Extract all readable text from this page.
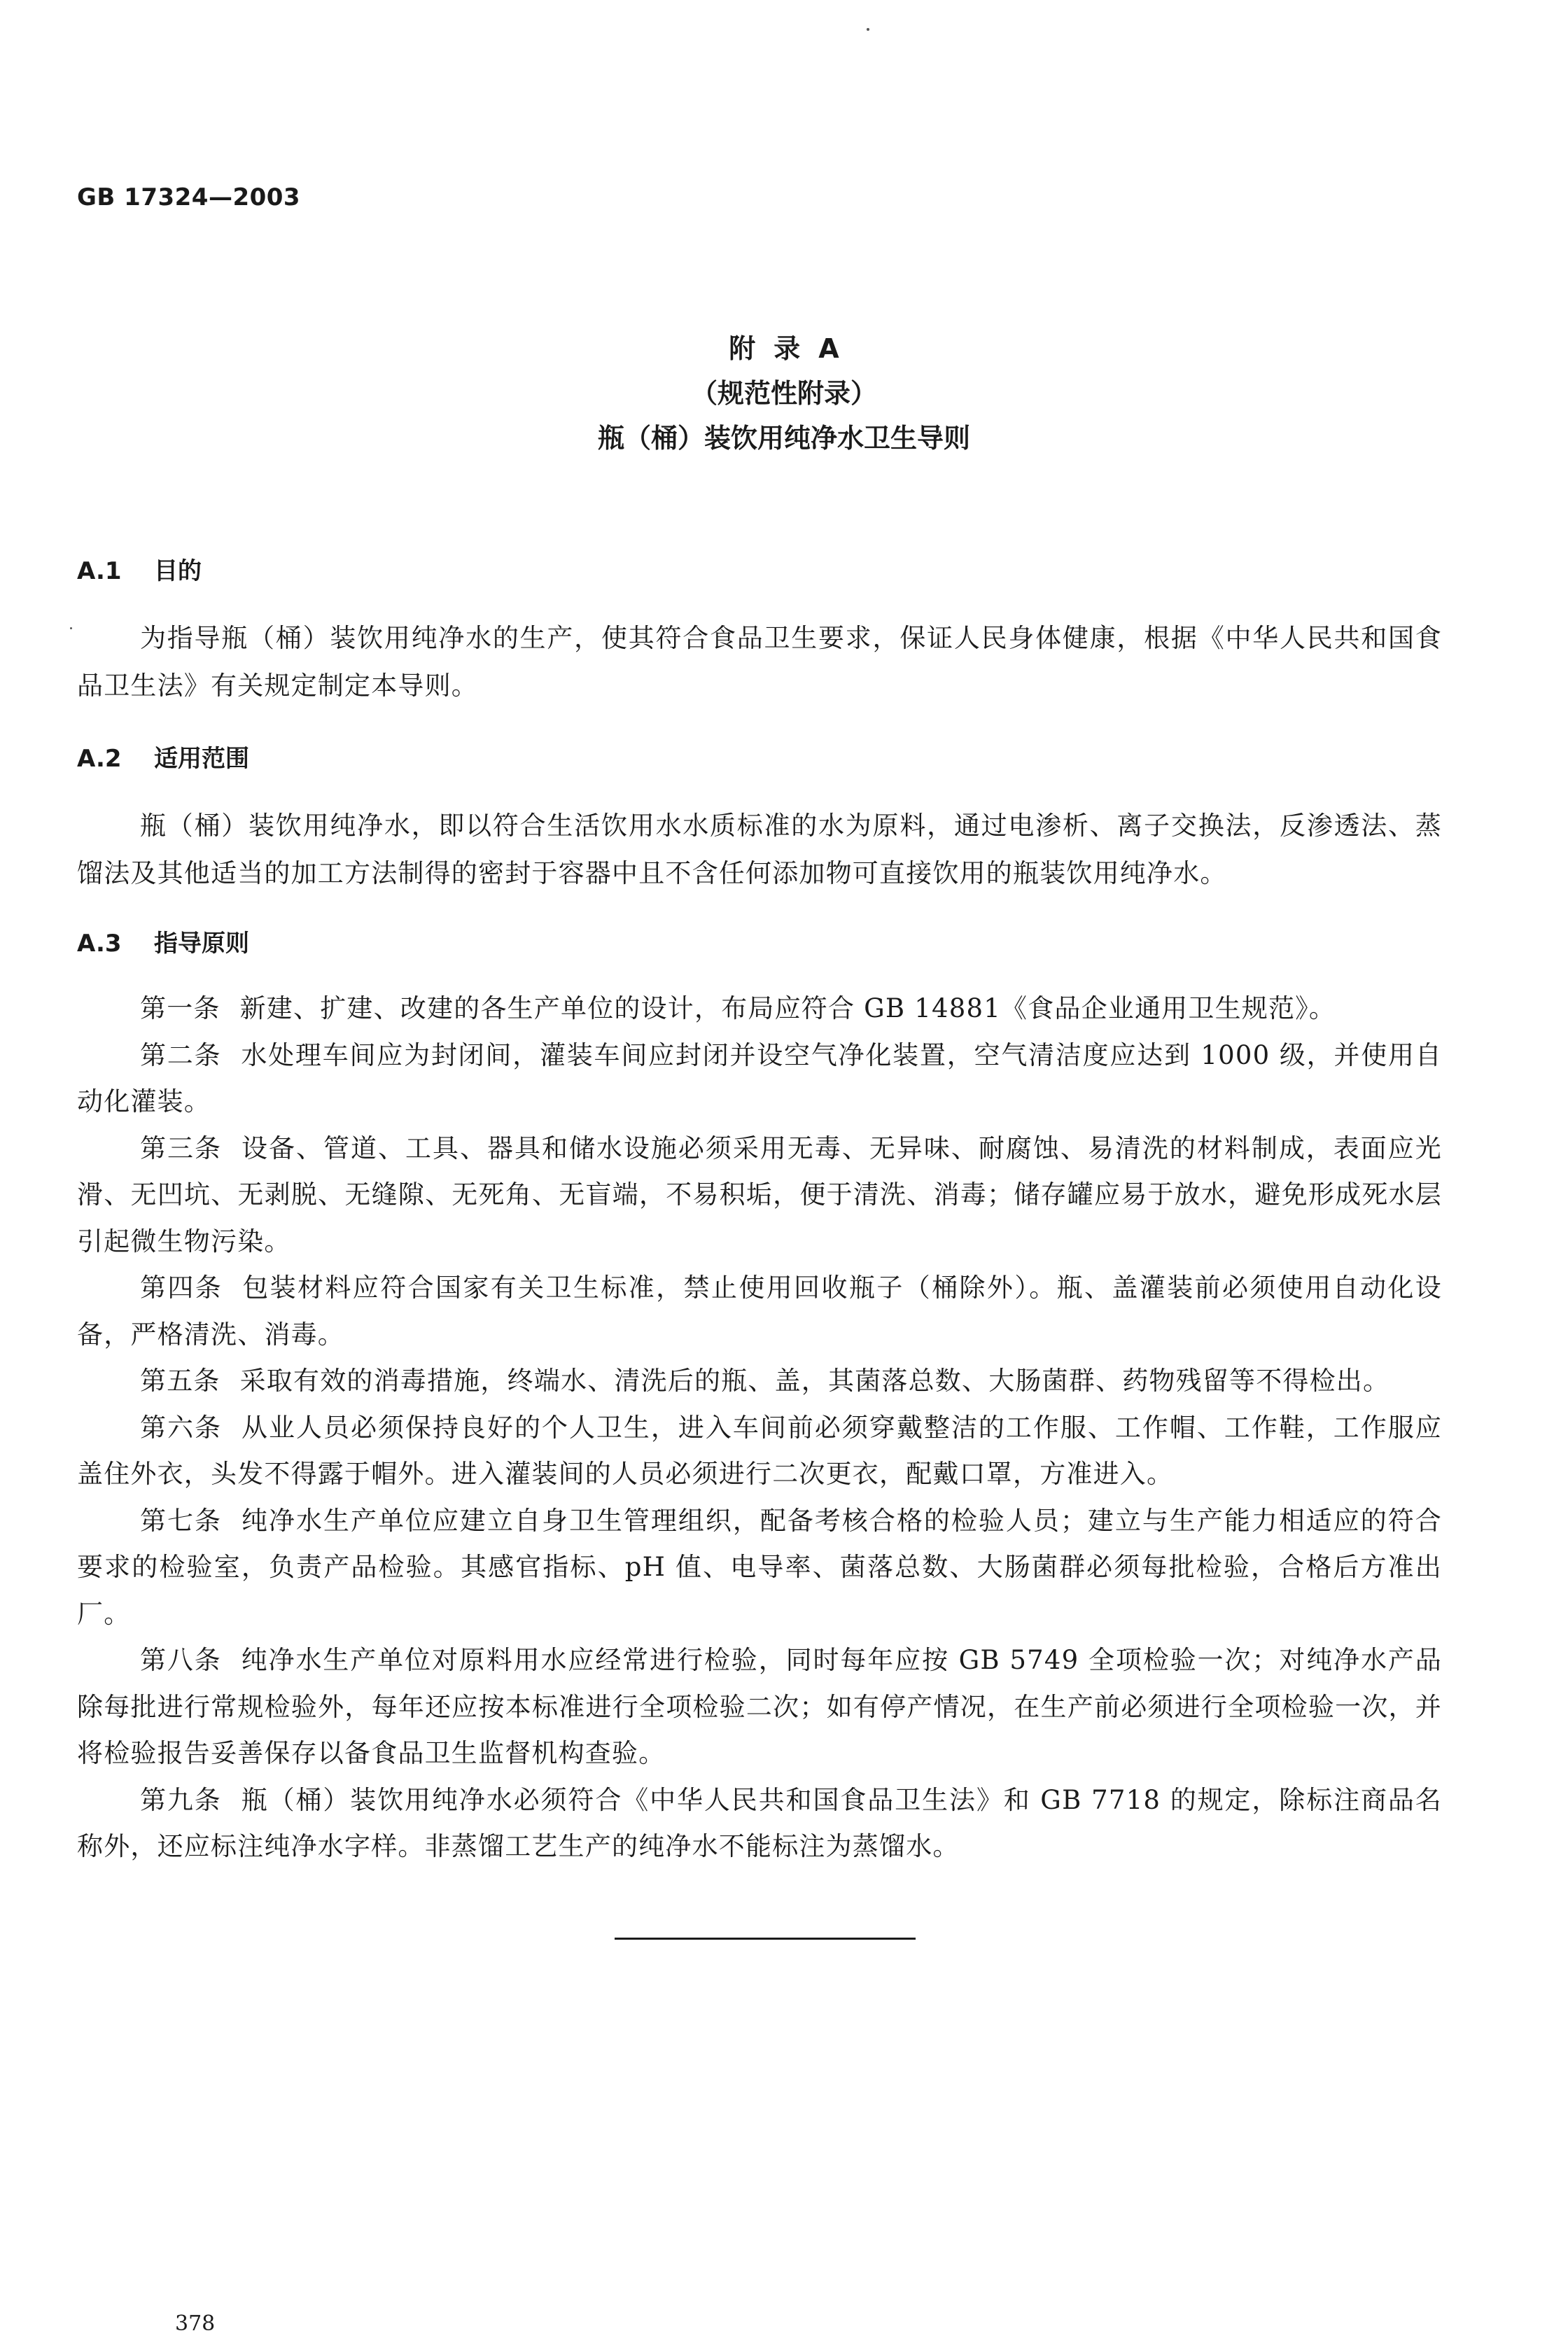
GB 17324—2003
附录A
（规范性附录）
瓶（桶）装饮用纯净水卫生导则
A.1 目的

为指导瓶（桶）装饮用纯净水的生产，使其符合食品卫生要求，保证人民身体健康，根据《中华人民共和国食品卫生法》有关规定制定本导则。

A.2 适用范围

瓶（桶）装饮用纯净水，即以符合生活饮用水水质标准的水为原料，通过电渗析、离子交换法，反渗透法、蒸馏法及其他适当的加工方法制得的密封于容器中且不含任何添加物可直接饮用的瓶装饮用纯净水。

A.3 指导原则

第一条 新建、扩建、改建的各生产单位的设计，布局应符合 GB 14881《食品企业通用卫生规范》。

第二条 水处理车间应为封闭间，灌装车间应封闭并设空气净化装置，空气清洁度应达到 1000 级，并使用自动化灌装。

第三条 设备、管道、工具、器具和储水设施必须采用无毒、无异味、耐腐蚀、易清洗的材料制成，表面应光滑、无凹坑、无剥脱、无缝隙、无死角、无盲端，不易积垢，便于清洗、消毒；储存罐应易于放水，避免形成死水层引起微生物污染。

第四条 包装材料应符合国家有关卫生标准，禁止使用回收瓶子（桶除外）。瓶、盖灌装前必须使用自动化设备，严格清洗、消毒。

第五条 采取有效的消毒措施，终端水、清洗后的瓶、盖，其菌落总数、大肠菌群、药物残留等不得检出。

第六条 从业人员必须保持良好的个人卫生，进入车间前必须穿戴整洁的工作服、工作帽、工作鞋，工作服应盖住外衣，头发不得露于帽外。进入灌装间的人员必须进行二次更衣，配戴口罩，方准进入。

第七条 纯净水生产单位应建立自身卫生管理组织，配备考核合格的检验人员；建立与生产能力相适应的符合要求的检验室，负责产品检验。其感官指标、pH 值、电导率、菌落总数、大肠菌群必须每批检验，合格后方准出厂。

第八条 纯净水生产单位对原料用水应经常进行检验，同时每年应按 GB 5749 全项检验一次；对纯净水产品除每批进行常规检验外，每年还应按本标准进行全项检验二次；如有停产情况，在生产前必须进行全项检验一次，并将检验报告妥善保存以备食品卫生监督机构查验。

第九条 瓶（桶）装饮用纯净水必须符合《中华人民共和国食品卫生法》和 GB 7718 的规定，除标注商品名称外，还应标注纯净水字样。非蒸馏工艺生产的纯净水不能标注为蒸馏水。

378
